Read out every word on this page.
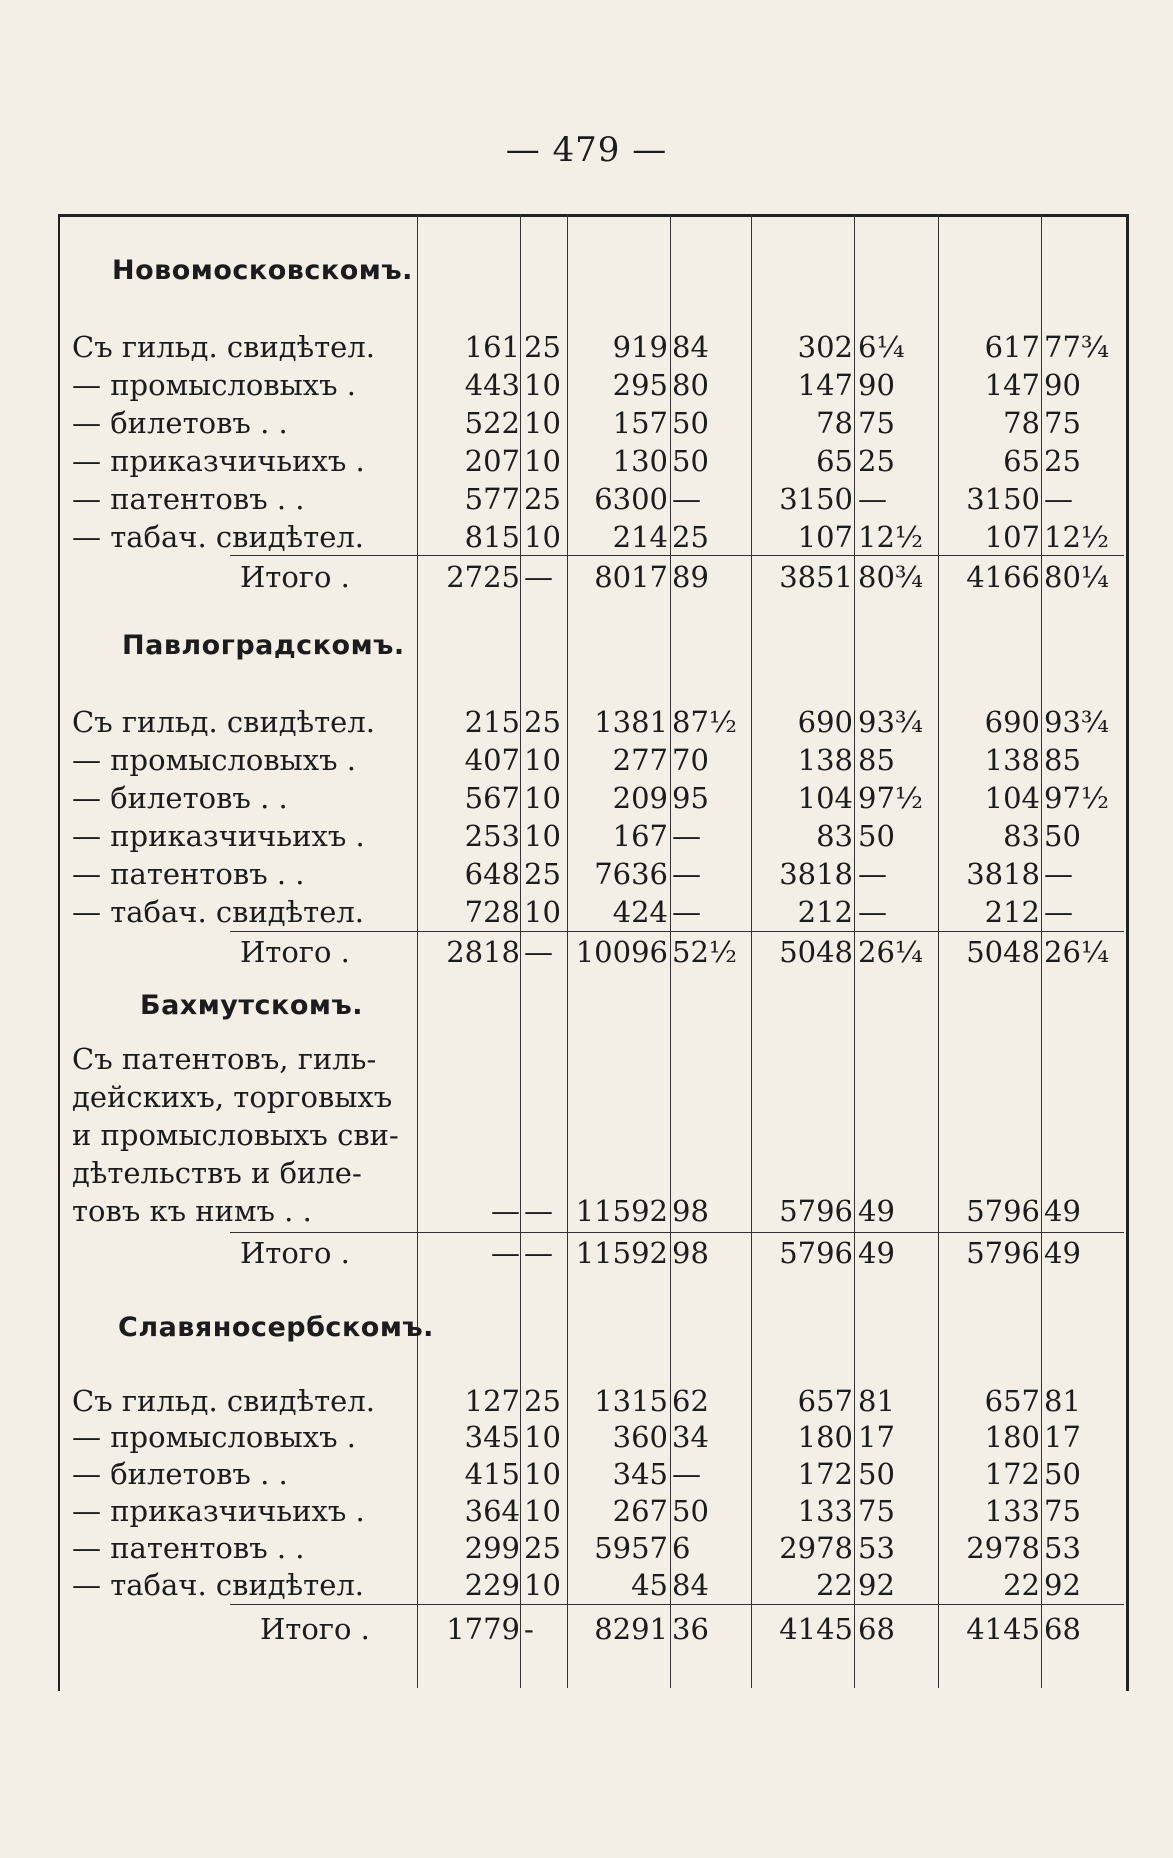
— 479 —
Новомосковскомъ.
Съ гильд. свидѣтел.	161 25	919 84	302 6¼	617 77¾
— промысловыхъ .	443 10	295 80	147 90	147 90
— билетовъ . .	522 10	157 50	78 75	78 75
— приказчичьихъ .	207 10	130 50	65 25	65 25
— патентовъ . .	577 25	6300 —	3150 —	3150 —
— табач. свидѣтел.	815 10	214 25	107 12½	107 12½
Итого .	2725 —	8017 89	3851 80¾	4166 80¼
Павлоградскомъ.
Съ гильд. свидѣтел.	215 25	1381 87½	690 93¾	690 93¾
— промысловыхъ .	407 10	277 70	138 85	138 85
— билетовъ . .	567 10	209 95	104 97½	104 97½
— приказчичьихъ .	253 10	167 —	83 50	83 50
— патентовъ . .	648 25	7636 —	3818 —	3818 —
— табач. свидѣтел.	728 10	424 —	212 —	212 —
Итого .	2818 — 10096 52½	5048 26¼	5048 26¼
Бахмутскомъ.
Съ патентовъ, гиль-
дейскихъ, торговыхъ
и промысловыхъ сви-
дѣтельствъ и биле-
товъ къ нимъ . .	— — 11592 98	5796 49	5796 49
Итого .	— — 11592 98	5796 49	5796 49
Славяносербскомъ.
Съ гильд. свидѣтел.	127 25	1315 62	657 81	657 81
— промысловыхъ .	345 10	360 34	180 17	180 17
— билетовъ . .	415 10	345 —	172 50	172 50
— приказчичьихъ .	364 10	267 50	133 75	133 75
— патентовъ . .	299 25	5957 6	2978 53	2978 53
— табач. свидѣтел.	229 10	45 84	22 92	22 92
Итого .	1779 -	8291 36	4145 68	4145 68
